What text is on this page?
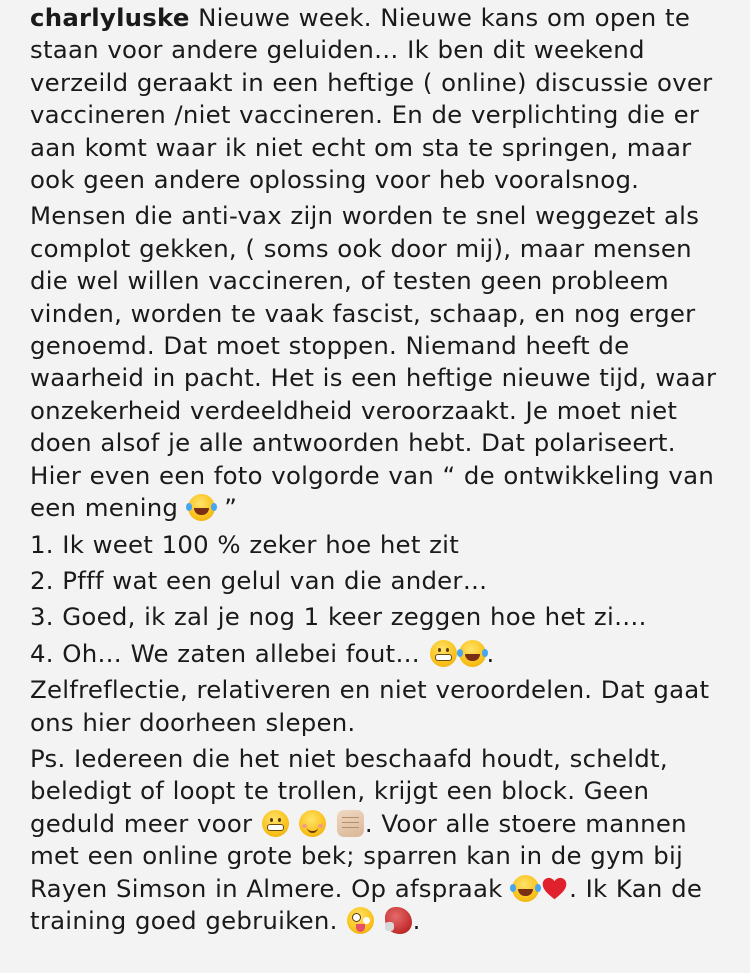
charlyluske Nieuwe week. Nieuwe kans om open te staan voor andere geluiden… Ik ben dit weekend verzeild geraakt in een heftige ( online) discussie over vaccineren /niet vaccineren. En de verplichting die er aan komt waar ik niet echt om sta te springen, maar ook geen andere oplossing voor heb vooralsnog.

Mensen die anti-vax zijn worden te snel weggezet als complot gekken, ( soms ook door mij), maar mensen die wel willen vaccineren, of testen geen probleem vinden, worden te vaak fascist, schaap, en nog erger genoemd. Dat moet stoppen. Niemand heeft de waarheid in pacht. Het is een heftige nieuwe tijd, waar onzekerheid verdeeldheid veroorzaakt. Je moet niet doen alsof je alle antwoorden hebt. Dat polariseert. Hier even een foto volgorde van “ de ontwikkeling van een mening  ”

1. Ik weet 100 % zeker hoe het zit

2. Pfff wat een gelul van die ander…

3. Goed, ik zal je nog 1 keer zeggen hoe het zi….

4. Oh… We zaten allebei fout…	.

Zelfreflectie, relativeren en niet veroordelen. Dat gaat ons hier doorheen slepen.

Ps. Iedereen die het niet beschaafd houdt, scheldt, beledigt of loopt te trollen, krijgt een block. Geen geduld meer voor	. Voor alle stoere mannen met een online grote bek; sparren kan in de gym bij Rayen Simson in Almere. Op afspraak	. Ik Kan de training goed gebruiken.	.
